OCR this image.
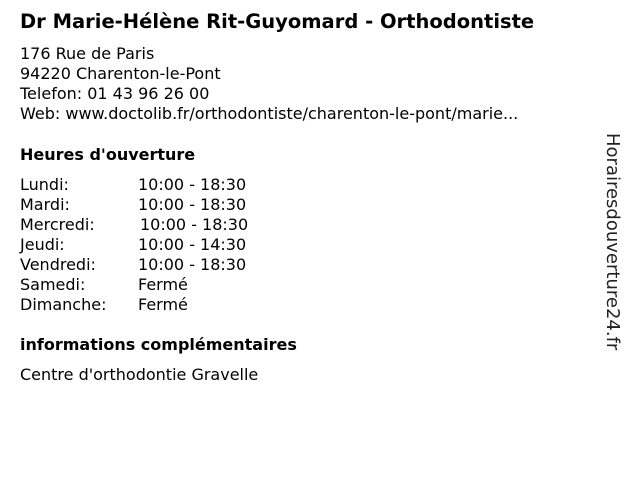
Dr Marie-Hélène Rit-Guyomard - Orthodontiste
176 Rue de Paris
94220 Charenton-le-Pont
Telefon: 01 43 96 26 00
Web: www.doctolib.fr/orthodontiste/charenton-le-pont/marie...
Heures d'ouverture
Lundi:	10:00 - 18:30
Mardi:	10:00 - 18:30
Mercredi:	10:00 - 18:30
Jeudi:	10:00 - 14:30
Vendredi:	10:00 - 18:30
Samedi:	Fermé
Dimanche: Fermé
informations complémentaires
Centre d'orthodontie Gravelle
Horairesdouverture24.fr
